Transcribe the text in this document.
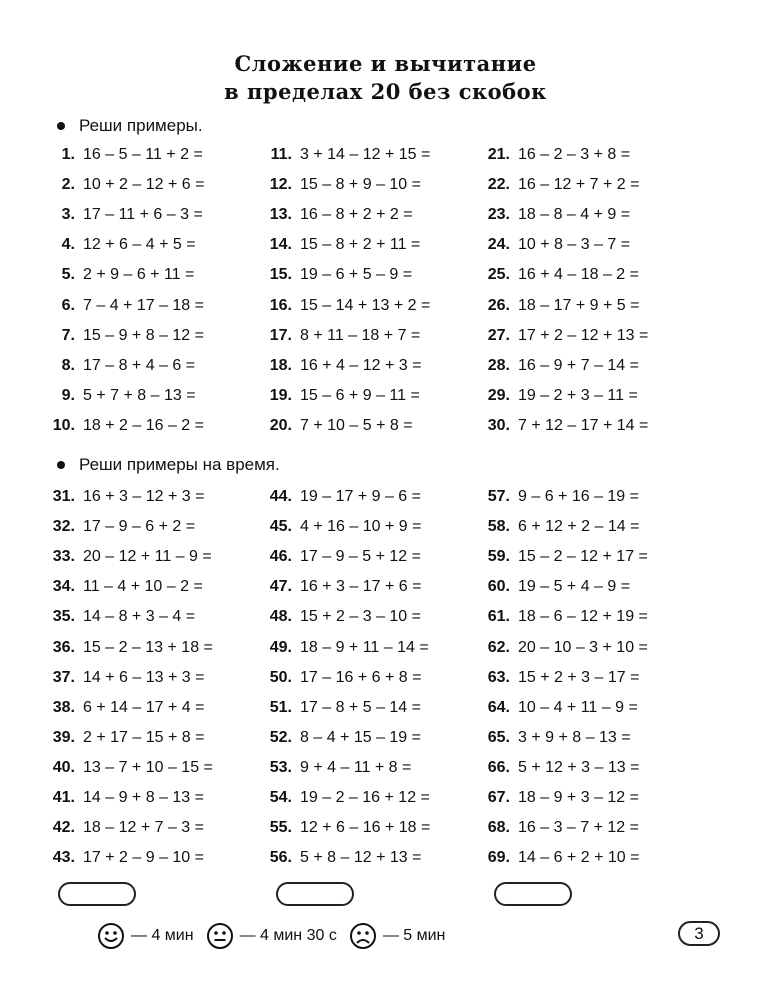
Сложение и вычитание
в пределах 20 без скобок
Реши примеры.
1. 16 – 5 – 11 + 2 =
2. 10 + 2 – 12 + 6 =
3. 17 – 11 + 6 – 3 =
4. 12 + 6 – 4 + 5 =
5. 2 + 9 – 6 + 11 =
6. 7 – 4 + 17 – 18 =
7. 15 – 9 + 8 – 12 =
8. 17 – 8 + 4 – 6 =
9. 5 + 7 + 8 – 13 =
10. 18 + 2 – 16 – 2 =
11. 3 + 14 – 12 + 15 =
12. 15 – 8 + 9 – 10 =
13. 16 – 8 + 2 + 2 =
14. 15 – 8 + 2 + 11 =
15. 19 – 6 + 5 – 9 =
16. 15 – 14 + 13 + 2 =
17. 8 + 11 – 18 + 7 =
18. 16 + 4 – 12 + 3 =
19. 15 – 6 + 9 – 11 =
20. 7 + 10 – 5 + 8 =
21. 16 – 2 – 3 + 8 =
22. 16 – 12 + 7 + 2 =
23. 18 – 8 – 4 + 9 =
24. 10 + 8 – 3 – 7 =
25. 16 + 4 – 18 – 2 =
26. 18 – 17 + 9 + 5 =
27. 17 + 2 – 12 + 13 =
28. 16 – 9 + 7 – 14 =
29. 19 – 2 + 3 – 11 =
30. 7 + 12 – 17 + 14 =
Реши примеры на время.
31. 16 + 3 – 12 + 3 =
32. 17 – 9 – 6 + 2 =
33. 20 – 12 + 11 – 9 =
34. 11 – 4 + 10 – 2 =
35. 14 – 8 + 3 – 4 =
36. 15 – 2 – 13 + 18 =
37. 14 + 6 – 13 + 3 =
38. 6 + 14 – 17 + 4 =
39. 2 + 17 – 15 + 8 =
40. 13 – 7 + 10 – 15 =
41. 14 – 9 + 8 – 13 =
42. 18 – 12 + 7 – 3 =
43. 17 + 2 – 9 – 10 =
44. 19 – 17 + 9 – 6 =
45. 4 + 16 – 10 + 9 =
46. 17 – 9 – 5 + 12 =
47. 16 + 3 – 17 + 6 =
48. 15 + 2 – 3 – 10 =
49. 18 – 9 + 11 – 14 =
50. 17 – 16 + 6 + 8 =
51. 17 – 8 + 5 – 14 =
52. 8 – 4 + 15 – 19 =
53. 9 + 4 – 11 + 8 =
54. 19 – 2 – 16 + 12 =
55. 12 + 6 – 16 + 18 =
56. 5 + 8 – 12 + 13 =
57. 9 – 6 + 16 – 19 =
58. 6 + 12 + 2 – 14 =
59. 15 – 2 – 12 + 17 =
60. 19 – 5 + 4 – 9 =
61. 18 – 6 – 12 + 19 =
62. 20 – 10 – 3 + 10 =
63. 15 + 2 + 3 – 17 =
64. 10 – 4 + 11 – 9 =
65. 3 + 9 + 8 – 13 =
66. 5 + 12 + 3 – 13 =
67. 18 – 9 + 3 – 12 =
68. 16 – 3 – 7 + 12 =
69. 14 – 6 + 2 + 10 =
— 4 мин	— 4 мин 30 с	— 5 мин	3
